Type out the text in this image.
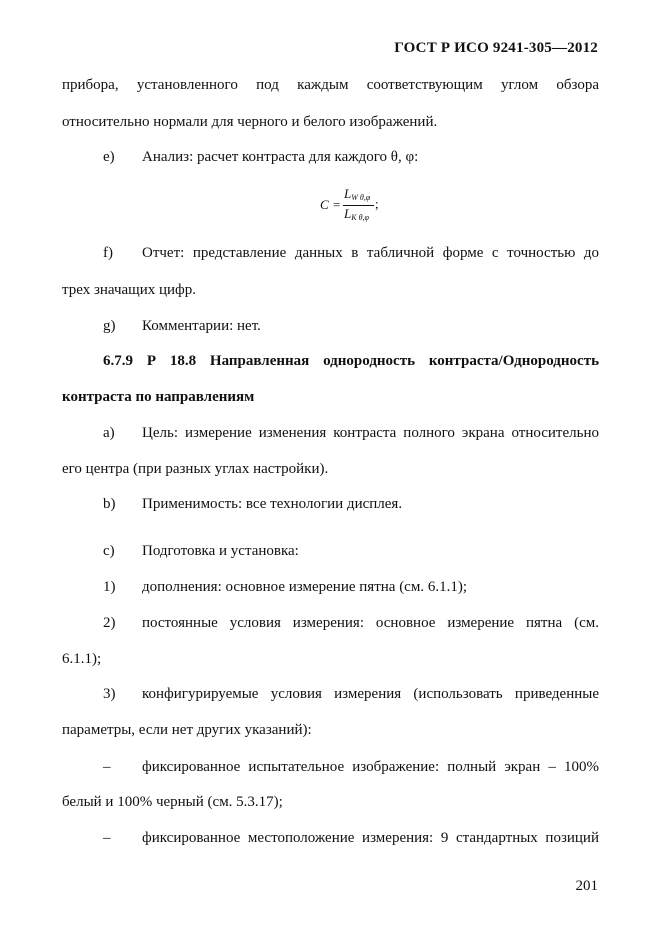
ГОСТ Р ИСО 9241-305—2012
прибора, установленного под каждым соответствующим углом обзора
относительно нормали для черного и белого изображений.
e) Анализ: расчет контраста для каждого θ, φ:
C =
$L_{W \theta,\varphi}$
$L_{K \theta,\varphi}$
;
f) Отчет: представление данных в табличной форме с точностью до
трех значащих цифр.
g) Комментарии: нет.
6.7.9 Р 18.8 Направленная однородность контраста/Однородность
контраста по направлениям
a) Цель: измерение изменения контраста полного экрана относительно
его центра (при разных углах настройки).
b) Применимость: все технологии дисплея.
c) Подготовка и установка:
1) дополнения: основное измерение пятна (см. 6.1.1);
2) постоянные условия измерения: основное измерение пятна (см.
6.1.1);
3) конфигурируемые условия измерения (использовать приведенные
параметры, если нет других указаний):
– фиксированное испытательное изображение: полный экран – 100%
белый и 100% черный (см. 5.3.17);
– фиксированное местоположение измерения: 9 стандартных позиций
201
